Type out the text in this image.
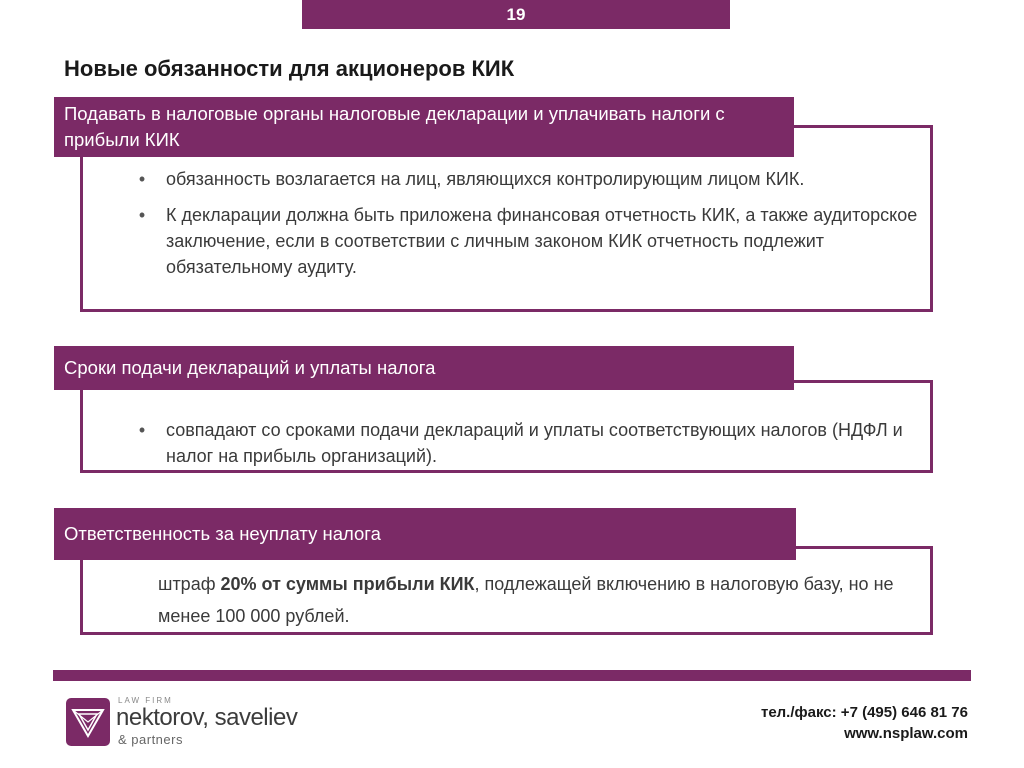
19
Новые обязанности для акционеров КИК
Подавать в налоговые органы налоговые декларации и уплачивать налоги с прибыли КИК
•	обязанность возлагается на лиц, являющихся контролирующим лицом КИК.
•	К декларации должна быть приложена финансовая отчетность КИК, а также аудиторское заключение, если в соответствии с личным законом КИК отчетность подлежит обязательному аудиту.
Сроки подачи деклараций и уплаты налога
•	совпадают со сроками подачи деклараций и уплаты соответствующих налогов (НДФЛ и налог на прибыль организаций).
Ответственность за неуплату налога

штраф 20% от суммы прибыли КИК, подлежащей включению в налоговую базу, но не менее 100 000 рублей.

LAW FIRM
nektorov, saveliev
& partners
тел./факс: +7 (495) 646 81 76
www.nsplaw.com
